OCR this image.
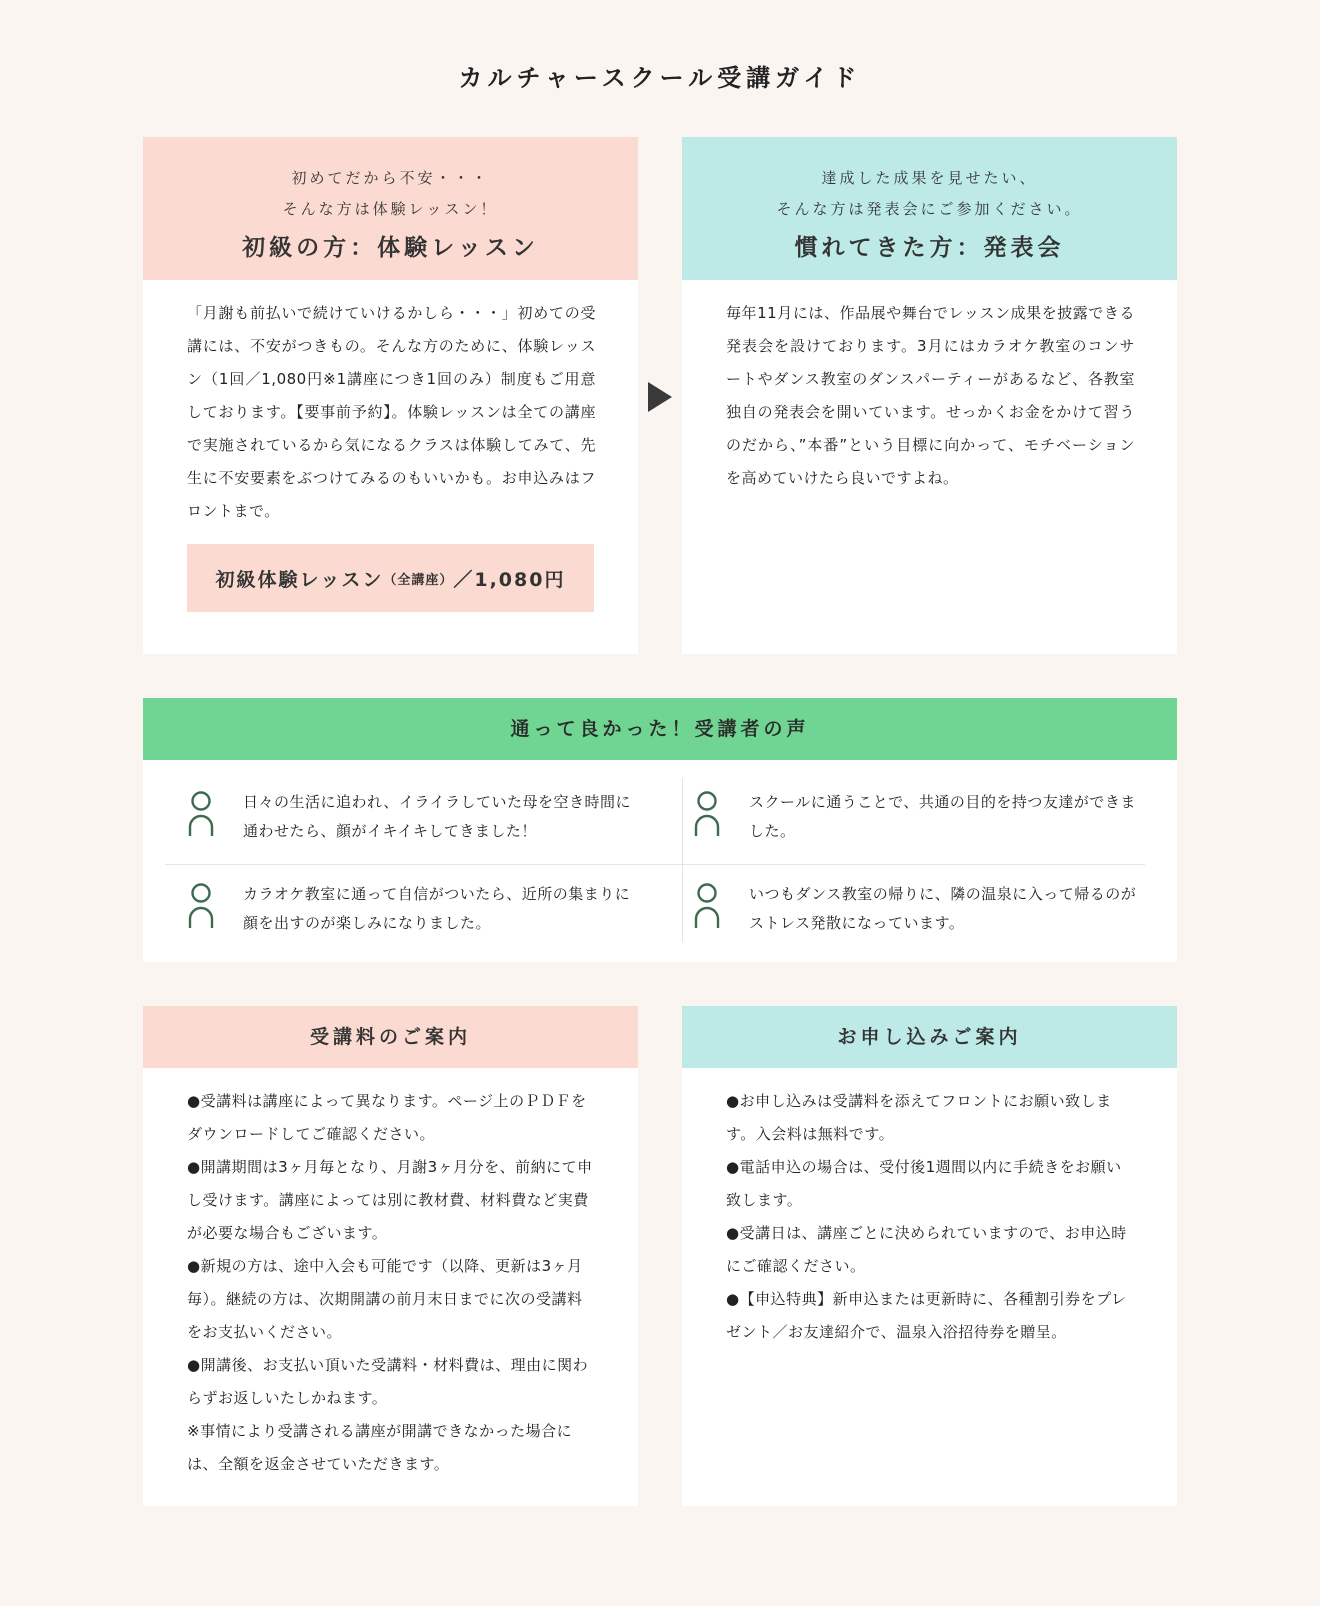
カルチャースクール受講ガイド
初めてだから不安・・・
そんな方は体験レッスン！
初級の方：体験レッスン

「月謝も前払いで続けていけるかしら・・・」初めての受講には、不安がつきもの。そんな方のために、体験レッスン（1回／1,080円※1講座につき1回のみ）制度もご用意しております。【要事前予約】。体験レッスンは全ての講座で実施されているから気になるクラスは体験してみて、先生に不安要素をぶつけてみるのもいいかも。お申込みはフロントまで。

初級体験レッスン （全講座） ／1,080円
達成した成果を見せたい、
そんな方は発表会にご参加ください。
慣れてきた方：発表会

毎年11月には、作品展や舞台でレッスン成果を披露できる発表会を設けております。3月にはカラオケ教室のコンサートやダンス教室のダンスパーティーがあるなど、各教室独自の発表会を開いています。せっかくお金をかけて習うのだから、”本番”という目標に向かって、モチベーションを高めていけたら良いですよね。

通って良かった！受講者の声

日々の生活に追われ、イライラしていた母を空き時間に通わせたら、顔がイキイキしてきました！

スクールに通うことで、共通の目的を持つ友達ができました。

カラオケ教室に通って自信がついたら、近所の集まりに顔を出すのが楽しみになりました。

いつもダンス教室の帰りに、隣の温泉に入って帰るのがストレス発散になっています。

受講料のご案内

●受講料は講座によって異なります。ページ上のＰＤＦをダウンロードしてご確認ください。

●開講期間は3ヶ月毎となり、月謝3ヶ月分を、前納にて申し受けます。講座によっては別に教材費、材料費など実費が必要な場合もございます。

●新規の方は、途中入会も可能です（以降、更新は3ヶ月毎）。継続の方は、次期開講の前月末日までに次の受講料をお支払いください。

●開講後、お支払い頂いた受講料・材料費は、理由に関わらずお返しいたしかねます。

※事情により受講される講座が開講できなかった場合には、全額を返金させていただきます。

お申し込みご案内

●お申し込みは受講料を添えてフロントにお願い致します。入会料は無料です。

●電話申込の場合は、受付後1週間以内に手続きをお願い致します。

●受講日は、講座ごとに決められていますので、お申込時にご確認ください。

●【申込特典】新申込または更新時に、各種割引券をプレゼント／お友達紹介で、温泉入浴招待券を贈呈。
